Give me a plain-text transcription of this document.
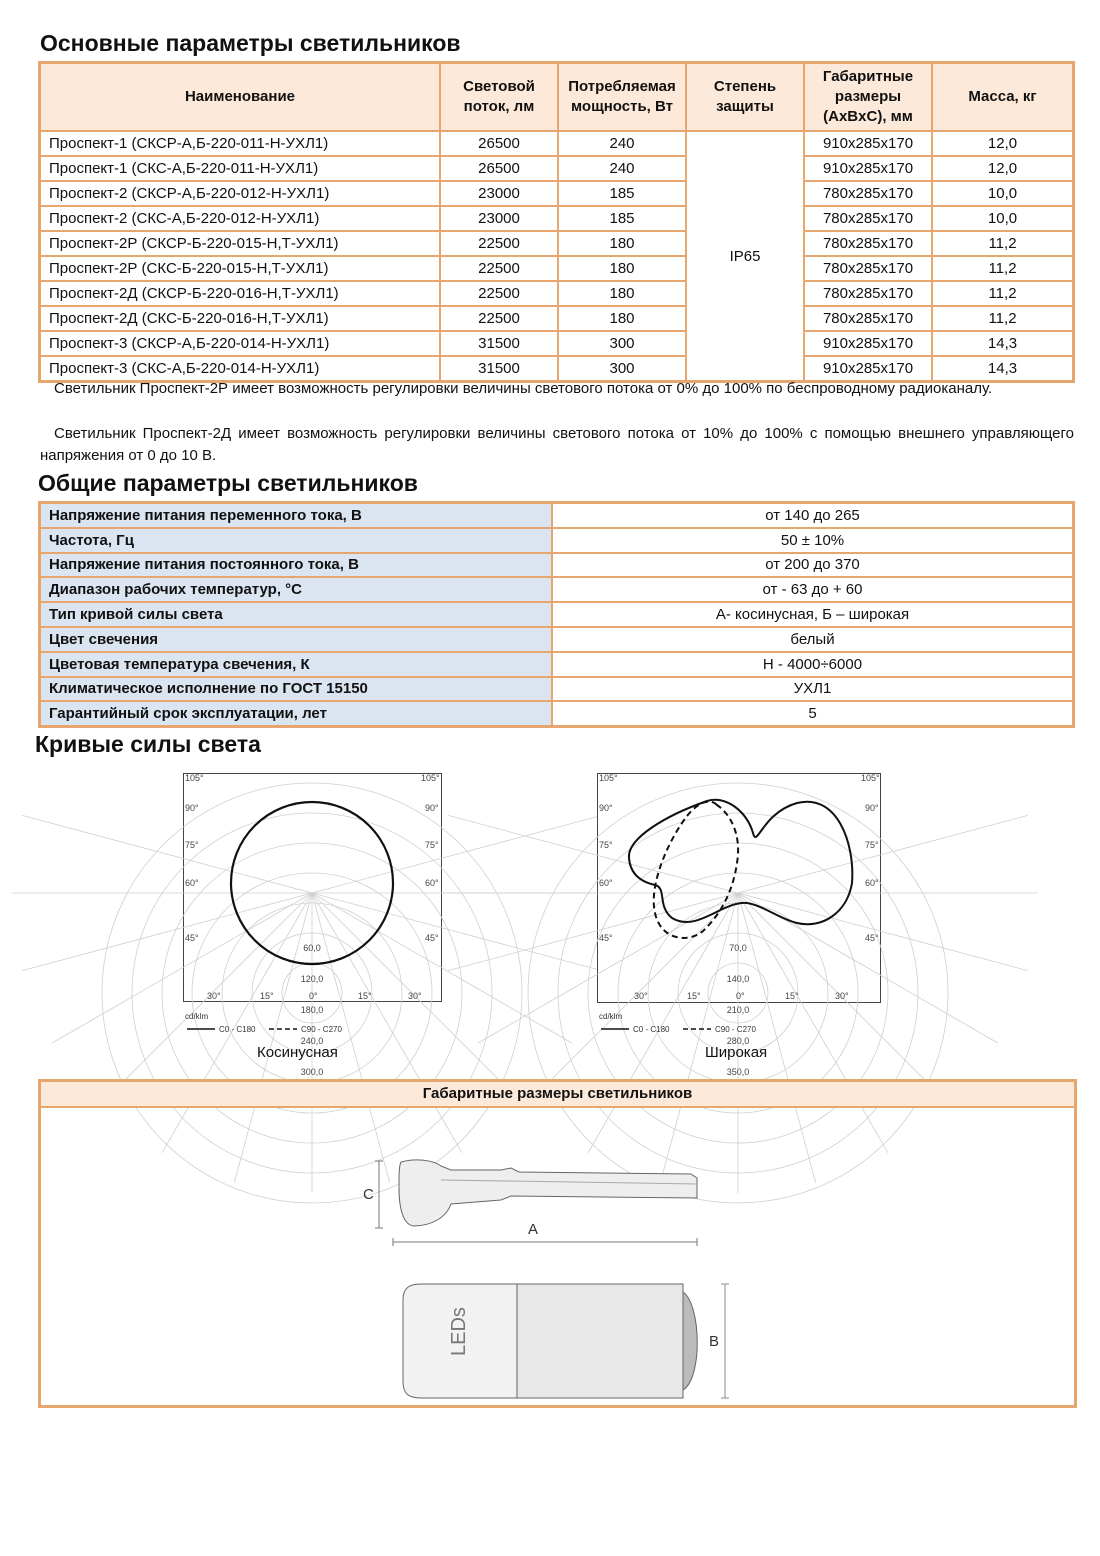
Основные параметры светильников
Наименование	Световой поток, лм	Потребляемая мощность, Вт	Степень защиты	Габаритные размеры (AxBxC), мм	Масса, кг
Проспект-1 (СКСР-А,Б-220-011-Н-УХЛ1)	26500	240	IP65	910x285x170	12,0
Проспект-1 (СКС-А,Б-220-011-Н-УХЛ1)	26500	240		910x285x170	12,0
Проспект-2 (СКСР-А,Б-220-012-Н-УХЛ1)	23000	185		780x285x170	10,0
Проспект-2 (СКС-А,Б-220-012-Н-УХЛ1)	23000	185		780x285x170	10,0
Проспект-2Р (СКСР-Б-220-015-Н,Т-УХЛ1)	22500	180		780x285x170	11,2
Проспект-2Р (СКС-Б-220-015-Н,Т-УХЛ1)	22500	180		780x285x170	11,2
Проспект-2Д (СКСР-Б-220-016-Н,Т-УХЛ1)	22500	180		780x285x170	11,2
Проспект-2Д (СКС-Б-220-016-Н,Т-УХЛ1)	22500	180		780x285x170	11,2
Проспект-3 (СКСР-А,Б-220-014-Н-УХЛ1)	31500	300		910x285x170	14,3
Проспект-3 (СКС-А,Б-220-014-Н-УХЛ1)	31500	300		910x285x170	14,3

Светильник Проспект-2Р имеет возможность регулировки величины светового потока от 0% до 100% по беспроводному радиоканалу.

Светильник Проспект-2Д имеет возможность регулировки величины светового потока от 10% до 100% с помощью внешнего управляющего напряжения от 0 до 10 В.

Общие параметры светильников
Напряжение питания переменного тока, В	от 140 до 265
Частота, Гц	50 ± 10%
Напряжение питания постоянного тока, В	от 200 до 370
Диапазон рабочих температур, °С	от - 63 до + 60
Тип кривой силы света	А- косинусная, Б – широкая
Цвет свечения	белый
Цветовая температура свечения, К	Н - 4000÷6000
Климатическое исполнение по ГОСТ 15150	УХЛ1
Гарантийный срок эксплуатации, лет	5
Кривые силы света
60,0
120,0
180,0
240,0
300,0
105°
90°
75°
60°
45°
30°	15°	0°	15°	30°
45°
60°
75°
90°
105°
cd/klm
C0 - C180	C90 - C270
Косинусная
70,0
140,0
210,0
280,0
350,0
105°
90°
75°
60°
45°
30°	15°	0°	15°	30°
45°
60°
75°
90°
105°
cd/klm
C0 - C180	C90 - C270
Широкая
Габаритные размеры светильников
C
A
LEDs	B
